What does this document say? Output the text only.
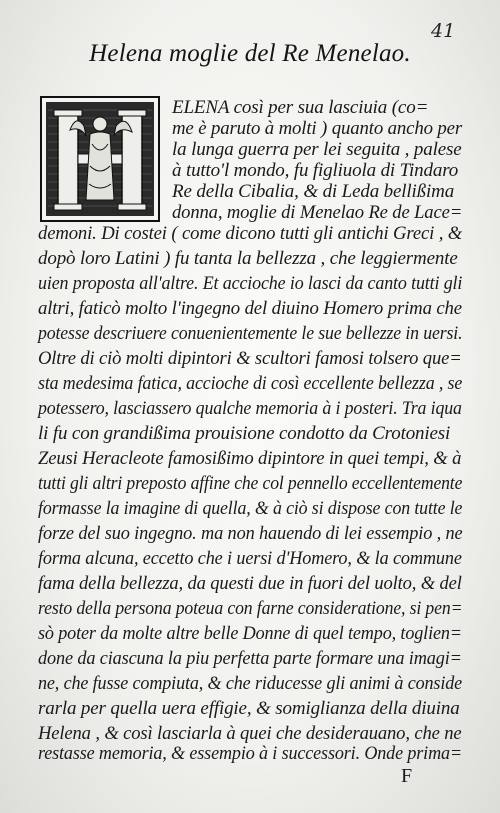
41
Helena moglie del Re Menelao.
ELENA così per sua lasciuia (co=
me è paruto à molti ) quanto ancho per
la lunga guerra per lei seguita , palese
à tutto'l mondo, fu figliuola di Tindaro
Re della Cibalia, & di Leda bellißima
donna, moglie di Menelao Re de Lace=
demoni. Di costei ( come dicono tutti gli antichi Greci , &
dopò loro Latini ) fu tanta la bellezza , che leggiermente
uien proposta all'altre. Et accioche io lasci da canto tutti gli
altri, faticò molto l'ingegno del diuino Homero prima che
potesse descriuere conuenientemente le sue bellezze in uersi.
Oltre di ciò molti dipintori & scultori famosi tolsero que=
sta medesima fatica, accioche di così eccellente bellezza , se
potessero, lasciassero qualche memoria à i posteri. Tra iqua
li fu con grandißima prouisione condotto da Crotoniesi
Zeusi Heracleote famosißimo dipintore in quei tempi, & à
tutti gli altri preposto affine che col pennello eccellentemente
formasse la imagine di quella, & à ciò si dispose con tutte le
forze del suo ingegno. ma non hauendo di lei essempio , ne
forma alcuna, eccetto che i uersi d'Homero, & la commune
fama della bellezza, da questi due in fuori del uolto, & del
resto della persona poteua con farne consideratione, si pen=
sò poter da molte altre belle Donne di quel tempo, toglien=
done da ciascuna la piu perfetta parte formare una imagi=
ne, che fusse compiuta, & che riducesse gli animi à conside
rarla per quella uera effigie, & somiglianza della diuina
Helena , & così lasciarla à quei che desiderauano, che ne
restasse memoria, & essempio à i successori. Onde prima=
F
